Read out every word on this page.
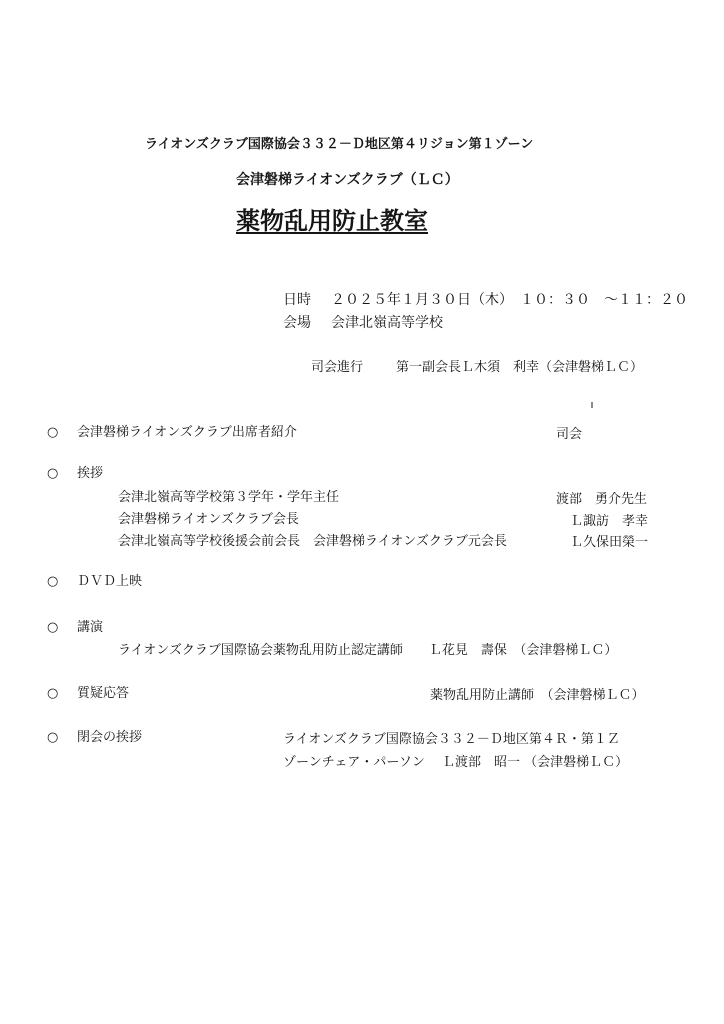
ライオンズクラブ国際協会３３２－Ｄ地区第４リジョン第１ゾーン
会津磐梯ライオンズクラブ（ＬＣ）
薬物乱用防止教室
日時 ２０２５年１月３０日（木）　１０：３０　～１１：２０
会場 会津北嶺高等学校
司会進行	第一副会長Ｌ木須　利幸（会津磐梯ＬＣ）
○ 会津磐梯ライオンズクラブ出席者紹介	司会
○ 挨拶
会津北嶺高等学校第３学年・学年主任	渡部　勇介先生
会津磐梯ライオンズクラブ会長	Ｌ諏訪　孝幸
会津北嶺高等学校後援会前会長　会津磐梯ライオンズクラブ元会長	Ｌ久保田榮一
○ ＤＶＤ上映
○ 講演
ライオンズクラブ国際協会薬物乱用防止認定講師　　Ｌ花見　壽保　（会津磐梯ＬＣ）
○ 質疑応答	薬物乱用防止講師　（会津磐梯ＬＣ）
○ 閉会の挨拶	ライオンズクラブ国際協会３３２－Ｄ地区第４Ｒ・第１Ｚ
ゾーンチェア・パーソン　 Ｌ渡部　昭一 （会津磐梯ＬＣ）
